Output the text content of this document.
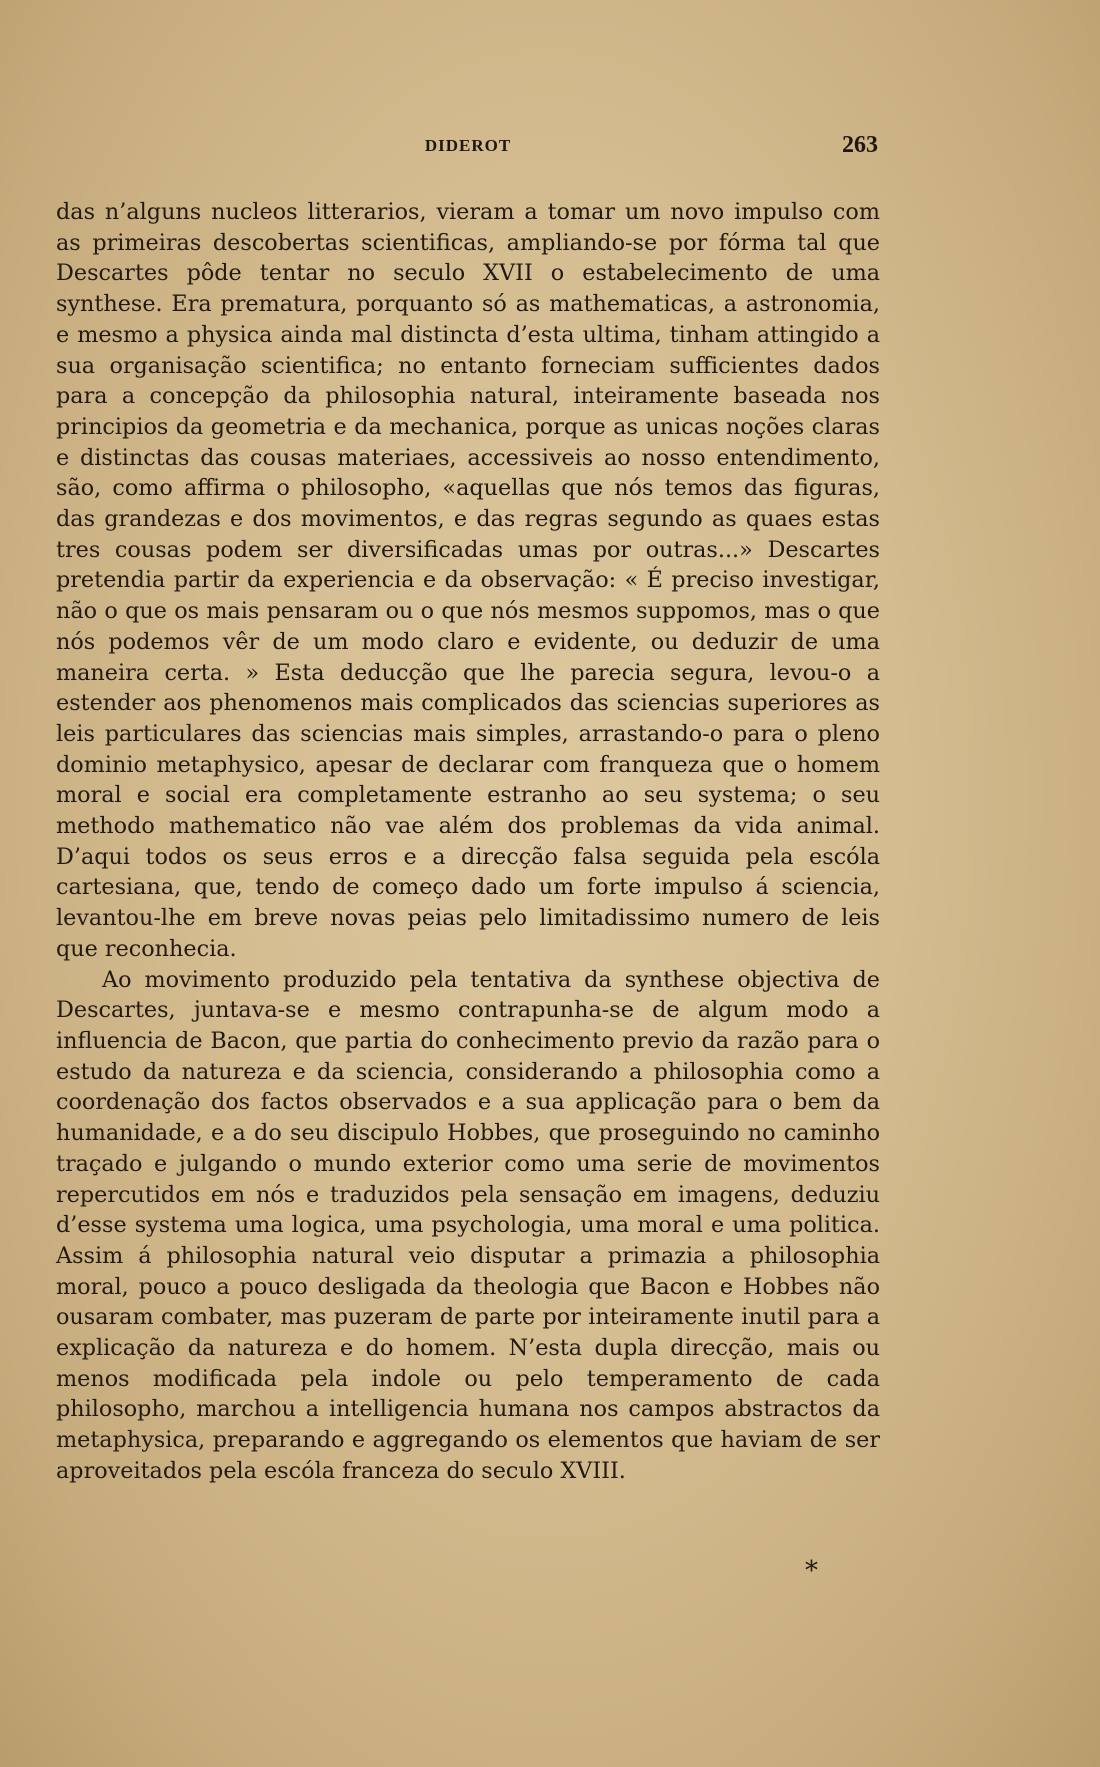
DIDEROT	263

das n’alguns nucleos litterarios, vieram a tomar um novo impulso com as primeiras descobertas scientificas, ampliando-se por fórma tal que Descartes pôde tentar no seculo XVII o estabelecimento de uma synthese. Era prematura, porquanto só as mathematicas, a astronomia, e mesmo a physica ainda mal distincta d’esta ultima, tinham attingido a sua organisação scientifica; no entanto forneciam sufficientes dados para a concepção da philosophia natural, inteiramente baseada nos principios da geometria e da mechanica, porque as unicas noções claras e distinctas das cousas materiaes, accessiveis ao nosso entendimento, são, como affirma o philosopho, «aquellas que nós temos das figuras, das grandezas e dos movimentos, e das regras segundo as quaes estas tres cousas podem ser diversificadas umas por outras...» Descartes pretendia partir da experiencia e da observação: « É preciso investigar, não o que os mais pensaram ou o que nós mesmos suppomos, mas o que nós podemos vêr de um modo claro e evidente, ou deduzir de uma maneira certa. » Esta deducção que lhe parecia segura, levou-o a estender aos phenomenos mais complicados das sciencias superiores as leis particulares das sciencias mais simples, arrastando-o para o pleno dominio metaphysico, apesar de declarar com franqueza que o homem moral e social era completamente estranho ao seu systema; o seu methodo mathematico não vae além dos problemas da vida animal. D’aqui todos os seus erros e a direcção falsa seguida pela escóla cartesiana, que, tendo de começo dado um forte impulso á sciencia, levantou-lhe em breve novas peias pelo limitadissimo numero de leis que reconhecia.

Ao movimento produzido pela tentativa da synthese objectiva de Descartes, juntava-se e mesmo contrapunha-se de algum modo a influencia de Bacon, que partia do conhecimento previo da razão para o estudo da natureza e da sciencia, considerando a philosophia como a coordenação dos factos observados e a sua applicação para o bem da humanidade, e a do seu discipulo Hobbes, que proseguindo no caminho traçado e julgando o mundo exterior como uma serie de movimentos repercutidos em nós e traduzidos pela sensação em imagens, deduziu d’esse systema uma logica, uma psychologia, uma moral e uma politica. Assim á philosophia natural veio disputar a primazia a philosophia moral, pouco a pouco desligada da theologia que Bacon e Hobbes não ousaram combater, mas puzeram de parte por inteiramente inutil para a explicação da natureza e do homem. N’esta dupla direcção, mais ou menos modificada pela indole ou pelo temperamento de cada philosopho, marchou a intelligencia humana nos campos abstractos da metaphysica, preparando e aggregando os elementos que haviam de ser aproveitados pela escóla franceza do seculo XVIII.

*
